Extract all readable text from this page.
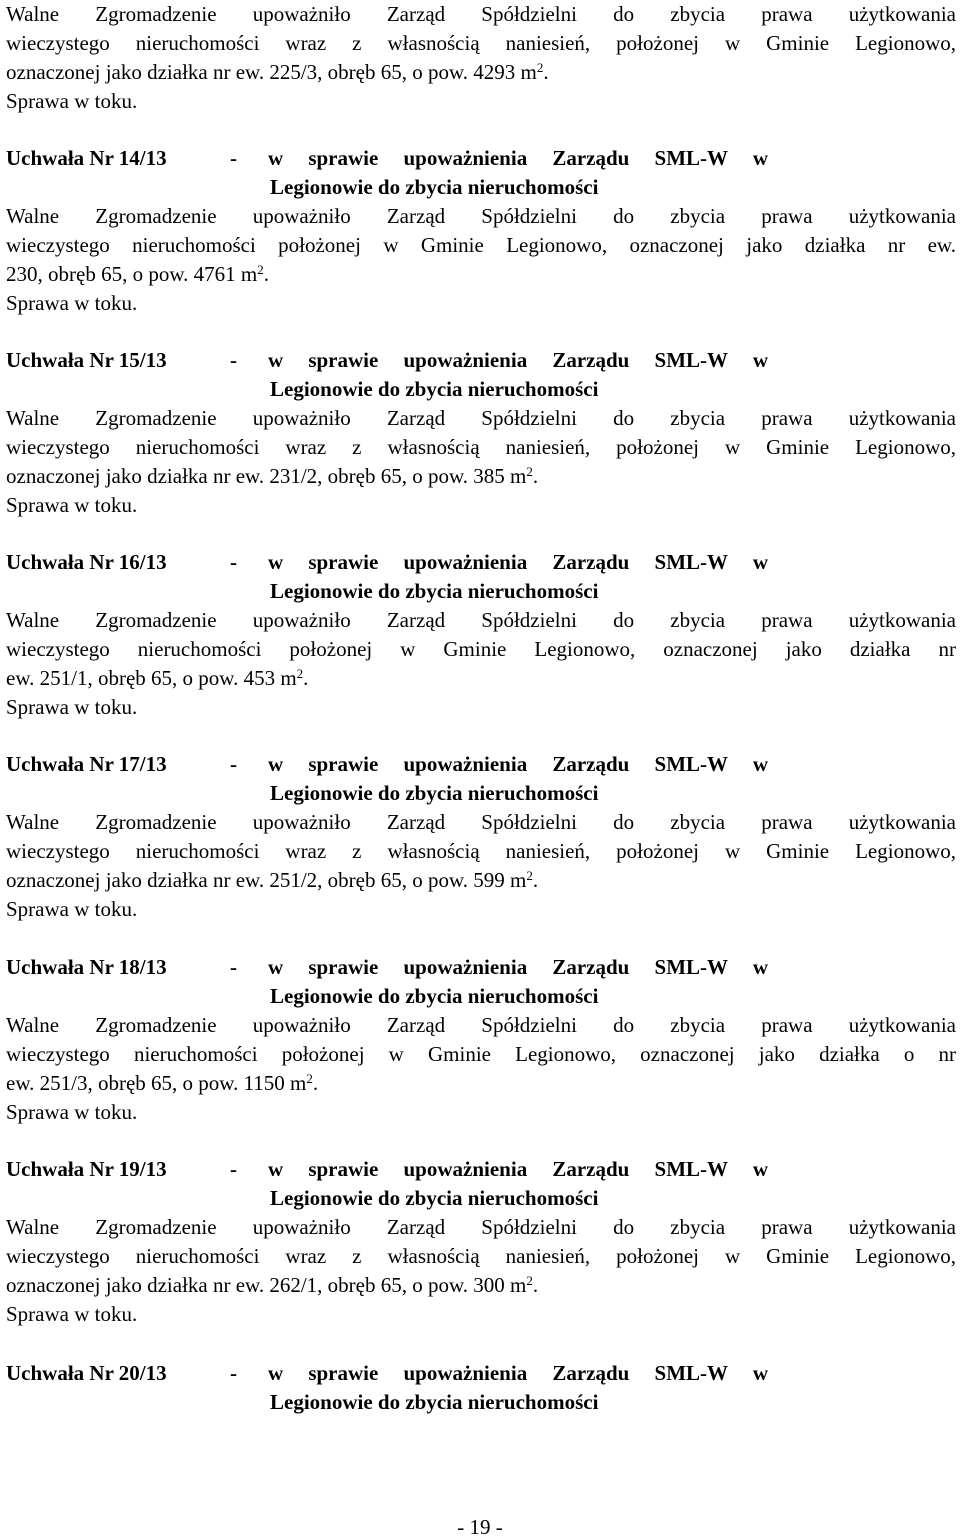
Walne Zgromadzenie upoważniło Zarząd Spółdzielni do zbycia prawa użytkowania
wieczystego nieruchomości wraz z własnością naniesień, położonej w Gminie Legionowo,
oznaczonej jako działka nr ew. 225/3, obręb 65, o pow. 4293 $m^2$.
Sprawa w toku.
Uchwała Nr 14/13	- w sprawie upoważnienia Zarządu SML-W w
Legionowie do zbycia nieruchomości
Walne Zgromadzenie upoważniło Zarząd Spółdzielni do zbycia prawa użytkowania
wieczystego nieruchomości położonej w Gminie Legionowo, oznaczonej jako działka nr ew.
230, obręb 65, o pow. 4761 $m^2$.
Sprawa w toku.
Uchwała Nr 15/13	- w sprawie upoważnienia Zarządu SML-W w
Legionowie do zbycia nieruchomości
Walne Zgromadzenie upoważniło Zarząd Spółdzielni do zbycia prawa użytkowania
wieczystego nieruchomości wraz z własnością naniesień, położonej w Gminie Legionowo,
oznaczonej jako działka nr ew. 231/2, obręb 65, o pow. 385 $m^2$.
Sprawa w toku.
Uchwała Nr 16/13	- w sprawie upoważnienia Zarządu SML-W w
Legionowie do zbycia nieruchomości
Walne Zgromadzenie upoważniło Zarząd Spółdzielni do zbycia prawa użytkowania
wieczystego nieruchomości położonej w Gminie Legionowo, oznaczonej jako działka nr
ew. 251/1, obręb 65, o pow. 453 $m^2$.
Sprawa w toku.
Uchwała Nr 17/13	- w sprawie upoważnienia Zarządu SML-W w
Legionowie do zbycia nieruchomości
Walne Zgromadzenie upoważniło Zarząd Spółdzielni do zbycia prawa użytkowania
wieczystego nieruchomości wraz z własnością naniesień, położonej w Gminie Legionowo,
oznaczonej jako działka nr ew. 251/2, obręb 65, o pow. 599 $m^2$.
Sprawa w toku.
Uchwała Nr 18/13	- w sprawie upoważnienia Zarządu SML-W w
Legionowie do zbycia nieruchomości
Walne Zgromadzenie upoważniło Zarząd Spółdzielni do zbycia prawa użytkowania
wieczystego nieruchomości położonej w Gminie Legionowo, oznaczonej jako działka o nr
ew. 251/3, obręb 65, o pow. 1150 $m^2$.
Sprawa w toku.
Uchwała Nr 19/13	- w sprawie upoważnienia Zarządu SML-W w
Legionowie do zbycia nieruchomości
Walne Zgromadzenie upoważniło Zarząd Spółdzielni do zbycia prawa użytkowania
wieczystego nieruchomości wraz z własnością naniesień, położonej w Gminie Legionowo,
oznaczonej jako działka nr ew. 262/1, obręb 65, o pow. 300 $m^2$.
Sprawa w toku.
Uchwała Nr 20/13	- w sprawie upoważnienia Zarządu SML-W w
Legionowie do zbycia nieruchomości
- 19 -
